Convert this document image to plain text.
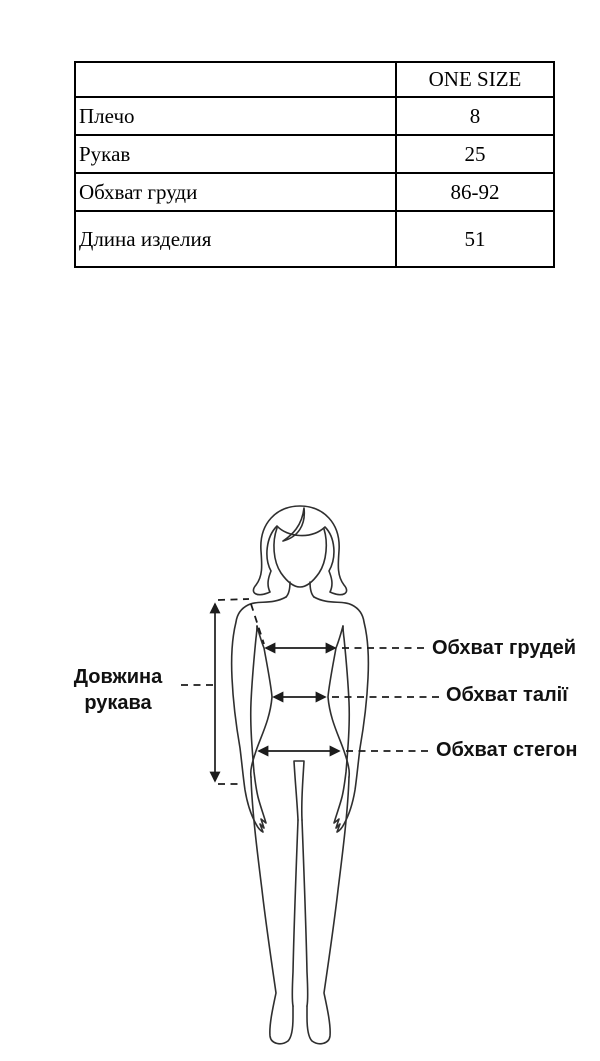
	ONE SIZE
Плечо	8
Рукав	25
Обхват груди	86-92
Длина изделия	51
Довжина
рукава
Обхват грудей
Обхват талії
Обхват стегон
